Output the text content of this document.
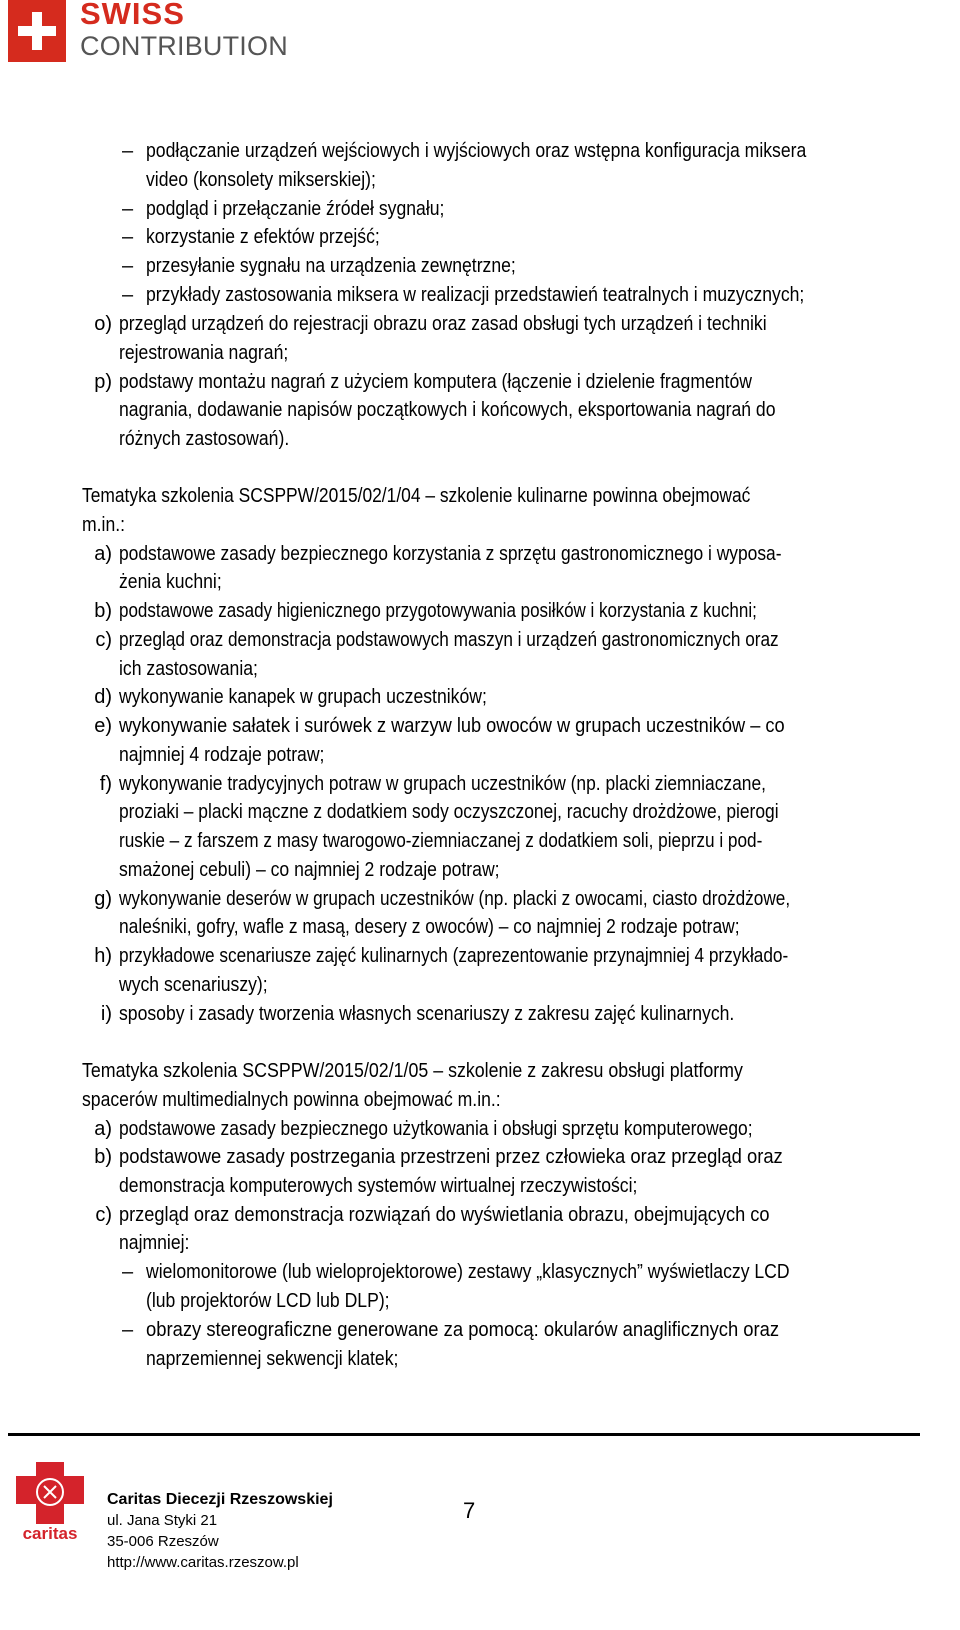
SWISS
CONTRIBUTION
– podłączanie urządzeń wejściowych i wyjściowych oraz wstępna konfiguracja miksera
video (konsolety mikserskiej);
– podgląd i przełączanie źródeł sygnału;
– korzystanie z efektów przejść;
– przesyłanie sygnału na urządzenia zewnętrzne;
– przykłady zastosowania miksera w realizacji przedstawień teatralnych i muzycznych;
o) przegląd urządzeń do rejestracji obrazu oraz zasad obsługi tych urządzeń i techniki
rejestrowania nagrań;
p) podstawy montażu nagrań z użyciem komputera (łączenie i dzielenie fragmentów
nagrania, dodawanie napisów początkowych i końcowych, eksportowania nagrań do
różnych zastosowań).
Tematyka szkolenia SCSPPW/2015/02/1/04 – szkolenie kulinarne powinna obejmować
m.in.:
a) podstawowe zasady bezpiecznego korzystania z sprzętu gastronomicznego i wyposa-
żenia kuchni;
b) podstawowe zasady higienicznego przygotowywania posiłków i korzystania z kuchni;
c) przegląd oraz demonstracja podstawowych maszyn i urządzeń gastronomicznych oraz
ich zastosowania;
d) wykonywanie kanapek w grupach uczestników;
e) wykonywanie sałatek i surówek z warzyw lub owoców w grupach uczestników – co
najmniej 4 rodzaje potraw;
f) wykonywanie tradycyjnych potraw w grupach uczestników (np. placki ziemniaczane,
proziaki – placki mączne z dodatkiem sody oczyszczonej, racuchy drożdżowe, pierogi
ruskie – z farszem z masy twarogowo-ziemniaczanej z dodatkiem soli, pieprzu i pod-
smażonej cebuli) – co najmniej 2 rodzaje potraw;
g) wykonywanie deserów w grupach uczestników (np. placki z owocami, ciasto drożdżowe,
naleśniki, gofry, wafle z masą, desery z owoców) – co najmniej 2 rodzaje potraw;
h) przykładowe scenariusze zajęć kulinarnych (zaprezentowanie przynajmniej 4 przykłado-
wych scenariuszy);
i) sposoby i zasady tworzenia własnych scenariuszy z zakresu zajęć kulinarnych.
Tematyka szkolenia SCSPPW/2015/02/1/05 – szkolenie z zakresu obsługi platformy
spacerów multimedialnych powinna obejmować m.in.:
a) podstawowe zasady bezpiecznego użytkowania i obsługi sprzętu komputerowego;
b) podstawowe zasady postrzegania przestrzeni przez człowieka oraz przegląd oraz
demonstracja komputerowych systemów wirtualnej rzeczywistości;
c) przegląd oraz demonstracja rozwiązań do wyświetlania obrazu, obejmujących co
najmniej:
– wielomonitorowe (lub wieloprojektorowe) zestawy „klasycznych” wyświetlaczy LCD
(lub projektorów LCD lub DLP);
– obrazy stereograficzne generowane za pomocą: okularów anaglificznych oraz
naprzemiennej sekwencji klatek;
caritas
Caritas Diecezji Rzeszowskiej
ul. Jana Styki 21
35-006 Rzeszów
http://www.caritas.rzeszow.pl
7
